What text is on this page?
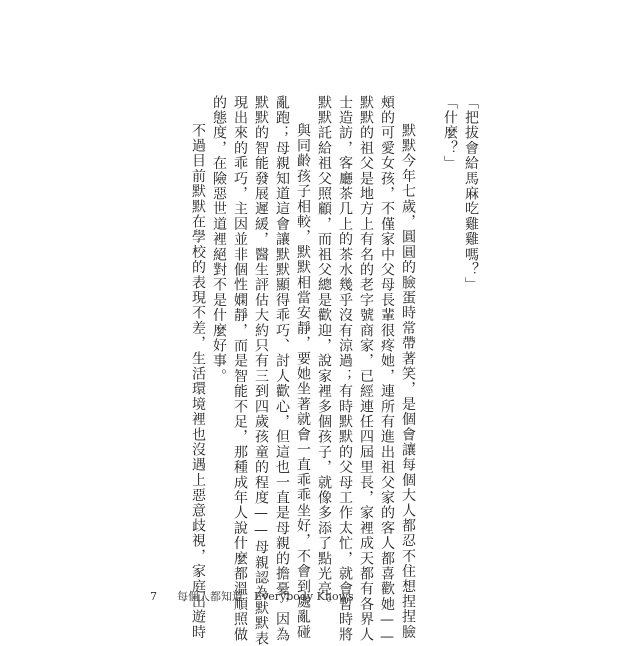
「把拔會給馬麻吃雞雞嗎？」

「什麼？」

默默今年七歲，圓圓的臉蛋時常帶著笑，是個會讓每個大人都忍不住想捏捏臉

頰的可愛女孩，不僅家中父母長輩很疼她，連所有進出祖父家的客人都喜歡她——

默默的祖父是地方上有名的老字號商家，已經連任四屆里長，家裡成天都有各界人

士造訪，客廳茶几上的茶水幾乎沒有涼過；有時默默的父母工作太忙，就會暫時將

默默託給祖父照顧，而祖父總是歡迎，說家裡多個孩子，就像多添了點光亮。

與同齡孩子相較，默默相當安靜，要她坐著就會一直乖乖坐好，不會到處亂碰

亂跑；母親知道這會讓默默顯得乖巧、討人歡心，但這也一直是母親的擔憂，因為

默默的智能發展遲緩，醫生評估大約只有三到四歲孩童的程度——母親認為默默表

現出來的乖巧，主因並非個性嫻靜，而是智能不足，那種成年人說什麼都溫順照做

的態度，在險惡世道裡絕對不是什麼好事。

不過目前默默在學校的表現不差，生活環境裡也沒遇上惡意歧視，家庭出遊時

7 每個人都知道　Everybody Knows
